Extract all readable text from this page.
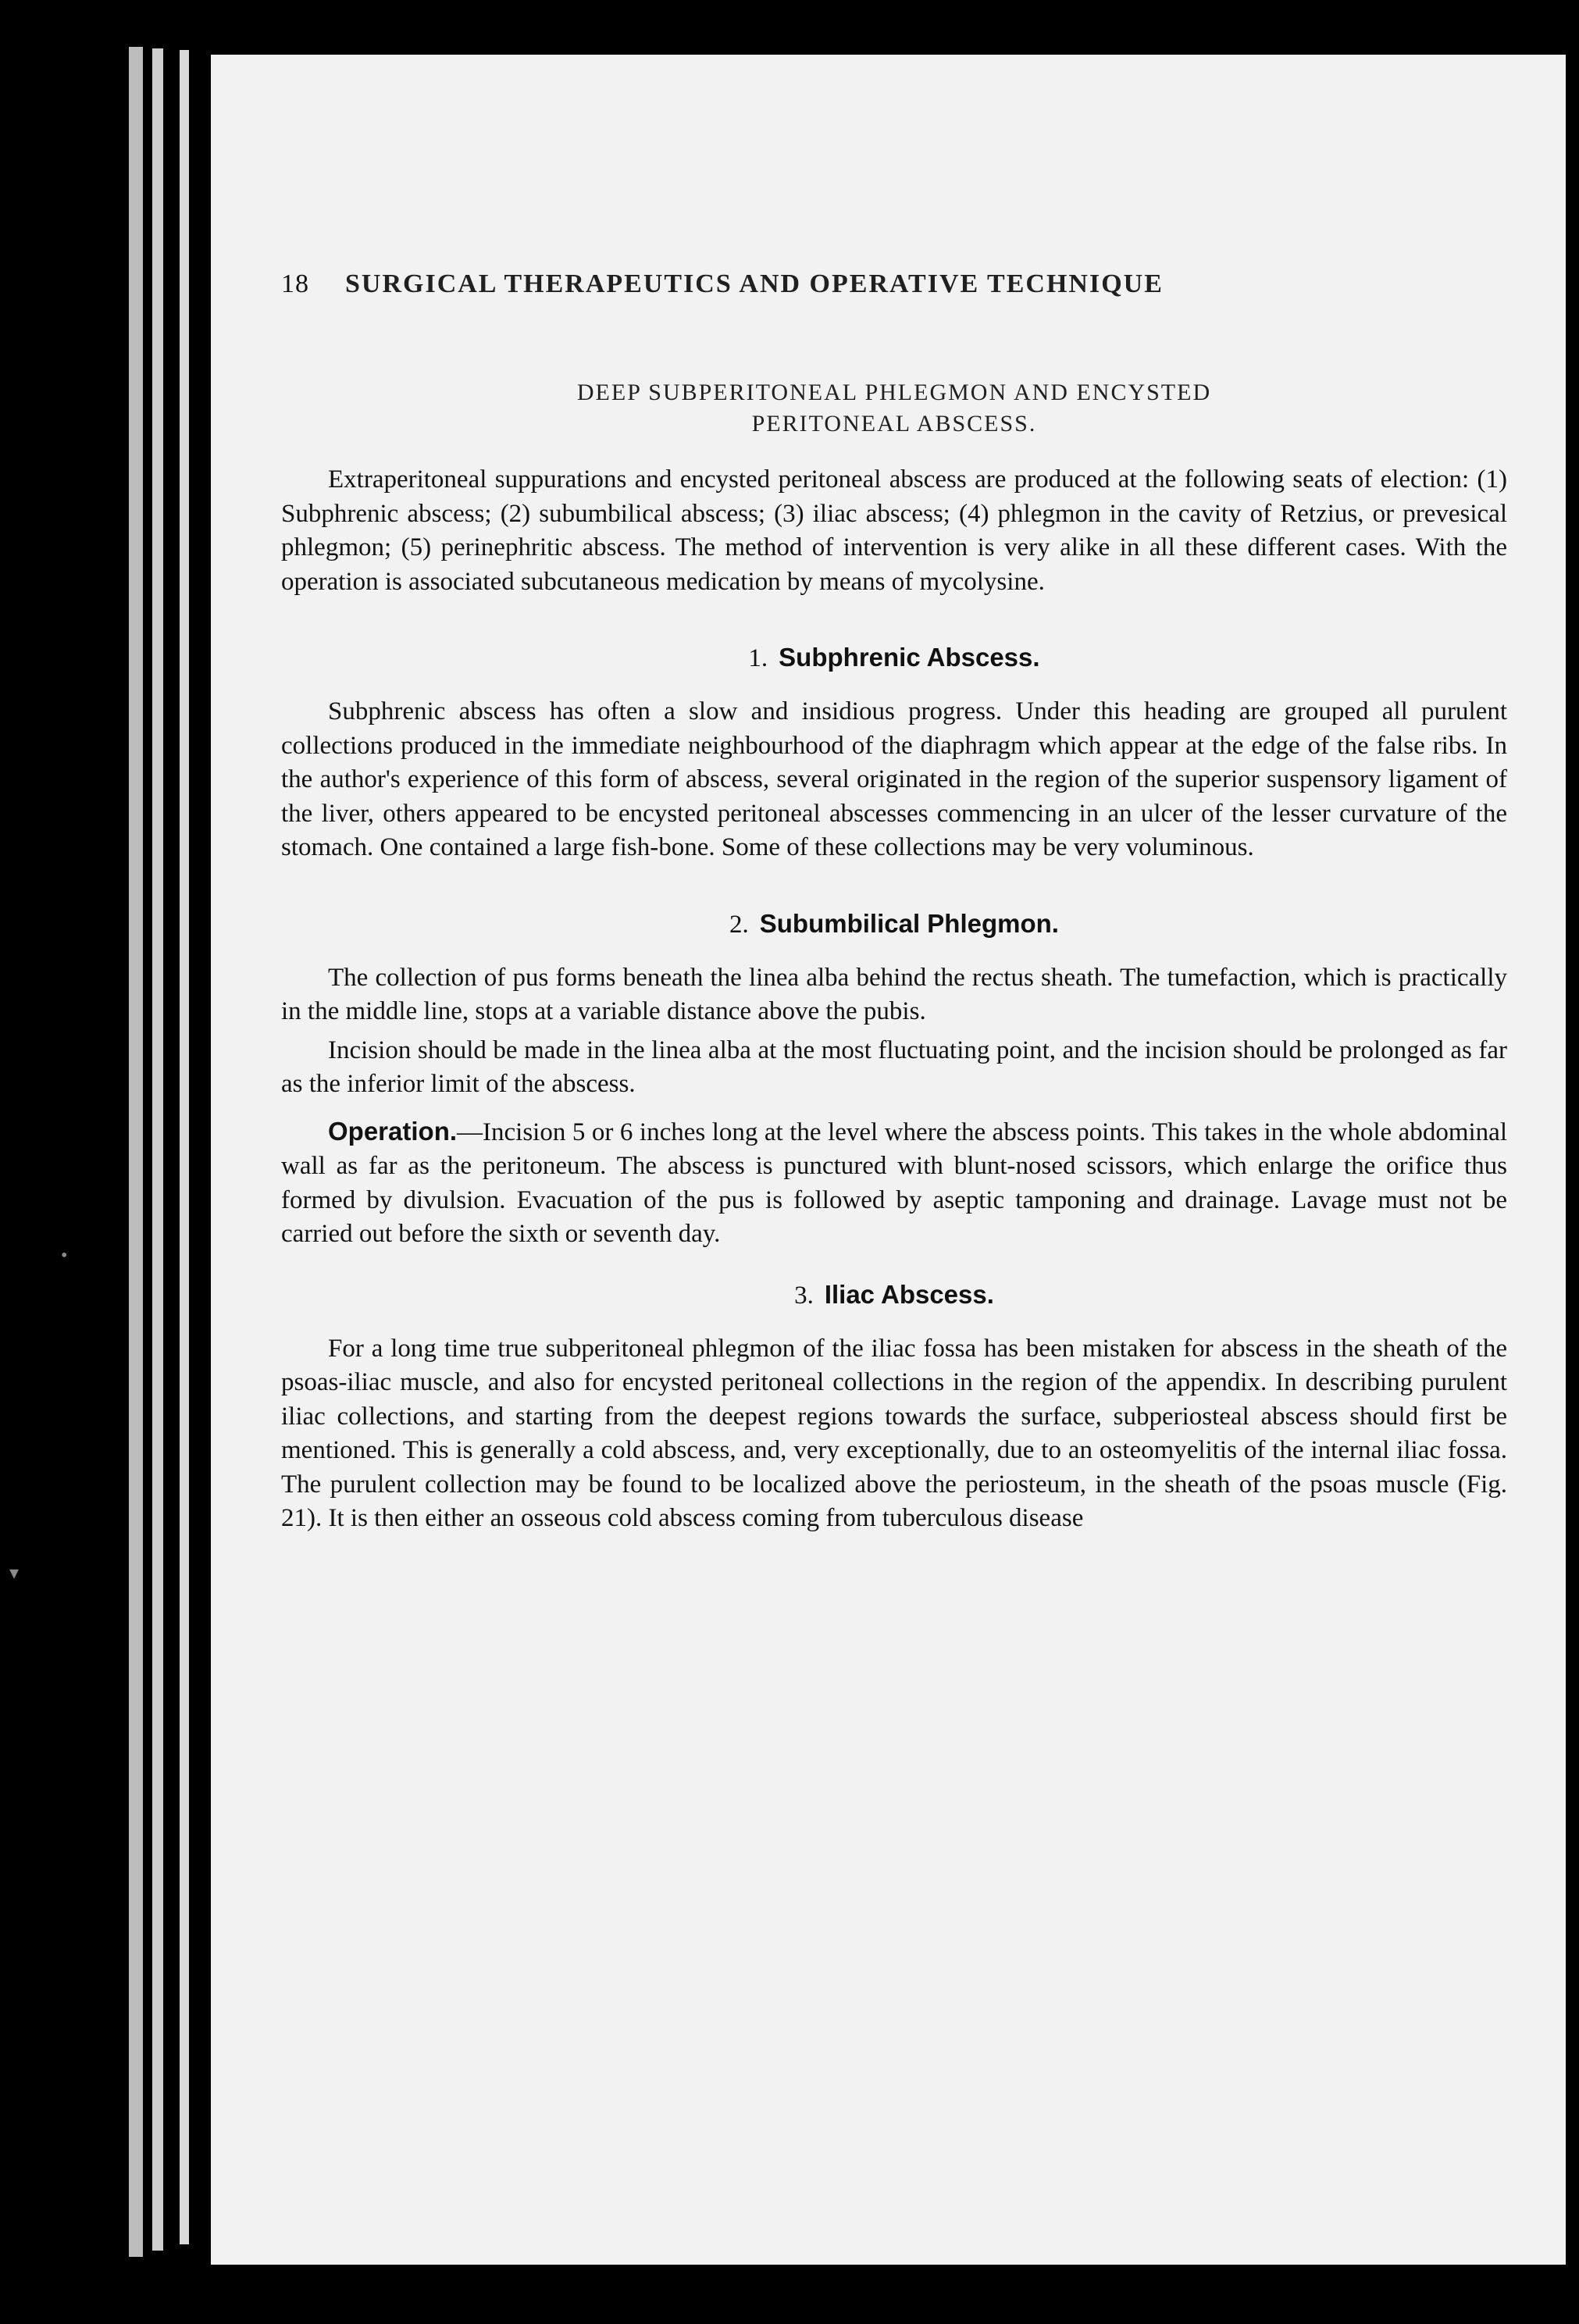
•
▾
18 SURGICAL THERAPEUTICS AND OPERATIVE TECHNIQUE
DEEP SUBPERITONEAL PHLEGMON AND ENCYSTED
PERITONEAL ABSCESS.

Extraperitoneal suppurations and encysted peritoneal abscess are produced at the following seats of election: (1) Subphrenic abscess; (2) subumbilical abscess; (3) iliac abscess; (4) phlegmon in the cavity of Retzius, or prevesical phlegmon; (5) perinephritic abscess. The method of intervention is very alike in all these different cases. With the operation is associated subcutaneous medication by means of mycolysine.

1. Subphrenic Abscess.

Subphrenic abscess has often a slow and insidious progress. Under this heading are grouped all purulent collections produced in the immediate neighbourhood of the diaphragm which appear at the edge of the false ribs. In the author's experience of this form of abscess, several originated in the region of the superior suspensory ligament of the liver, others appeared to be encysted peritoneal abscesses commencing in an ulcer of the lesser curvature of the stomach. One contained a large fish-bone. Some of these collections may be very voluminous.

2. Subumbilical Phlegmon.

The collection of pus forms beneath the linea alba behind the rectus sheath. The tumefaction, which is practically in the middle line, stops at a variable distance above the pubis.

Incision should be made in the linea alba at the most fluctuating point, and the incision should be prolonged as far as the inferior limit of the abscess.

Operation.—Incision 5 or 6 inches long at the level where the abscess points. This takes in the whole abdominal wall as far as the peritoneum. The abscess is punctured with blunt-nosed scissors, which enlarge the orifice thus formed by divulsion. Evacuation of the pus is followed by aseptic tamponing and drainage. Lavage must not be carried out before the sixth or seventh day.

3. Iliac Abscess.

For a long time true subperitoneal phlegmon of the iliac fossa has been mistaken for abscess in the sheath of the psoas-iliac muscle, and also for encysted peritoneal collections in the region of the appendix. In describing purulent iliac collections, and starting from the deepest regions towards the surface, subperiosteal abscess should first be mentioned. This is generally a cold abscess, and, very exceptionally, due to an osteomyelitis of the internal iliac fossa. The purulent collection may be found to be localized above the periosteum, in the sheath of the psoas muscle (Fig. 21). It is then either an osseous cold abscess coming from tuberculous disease
